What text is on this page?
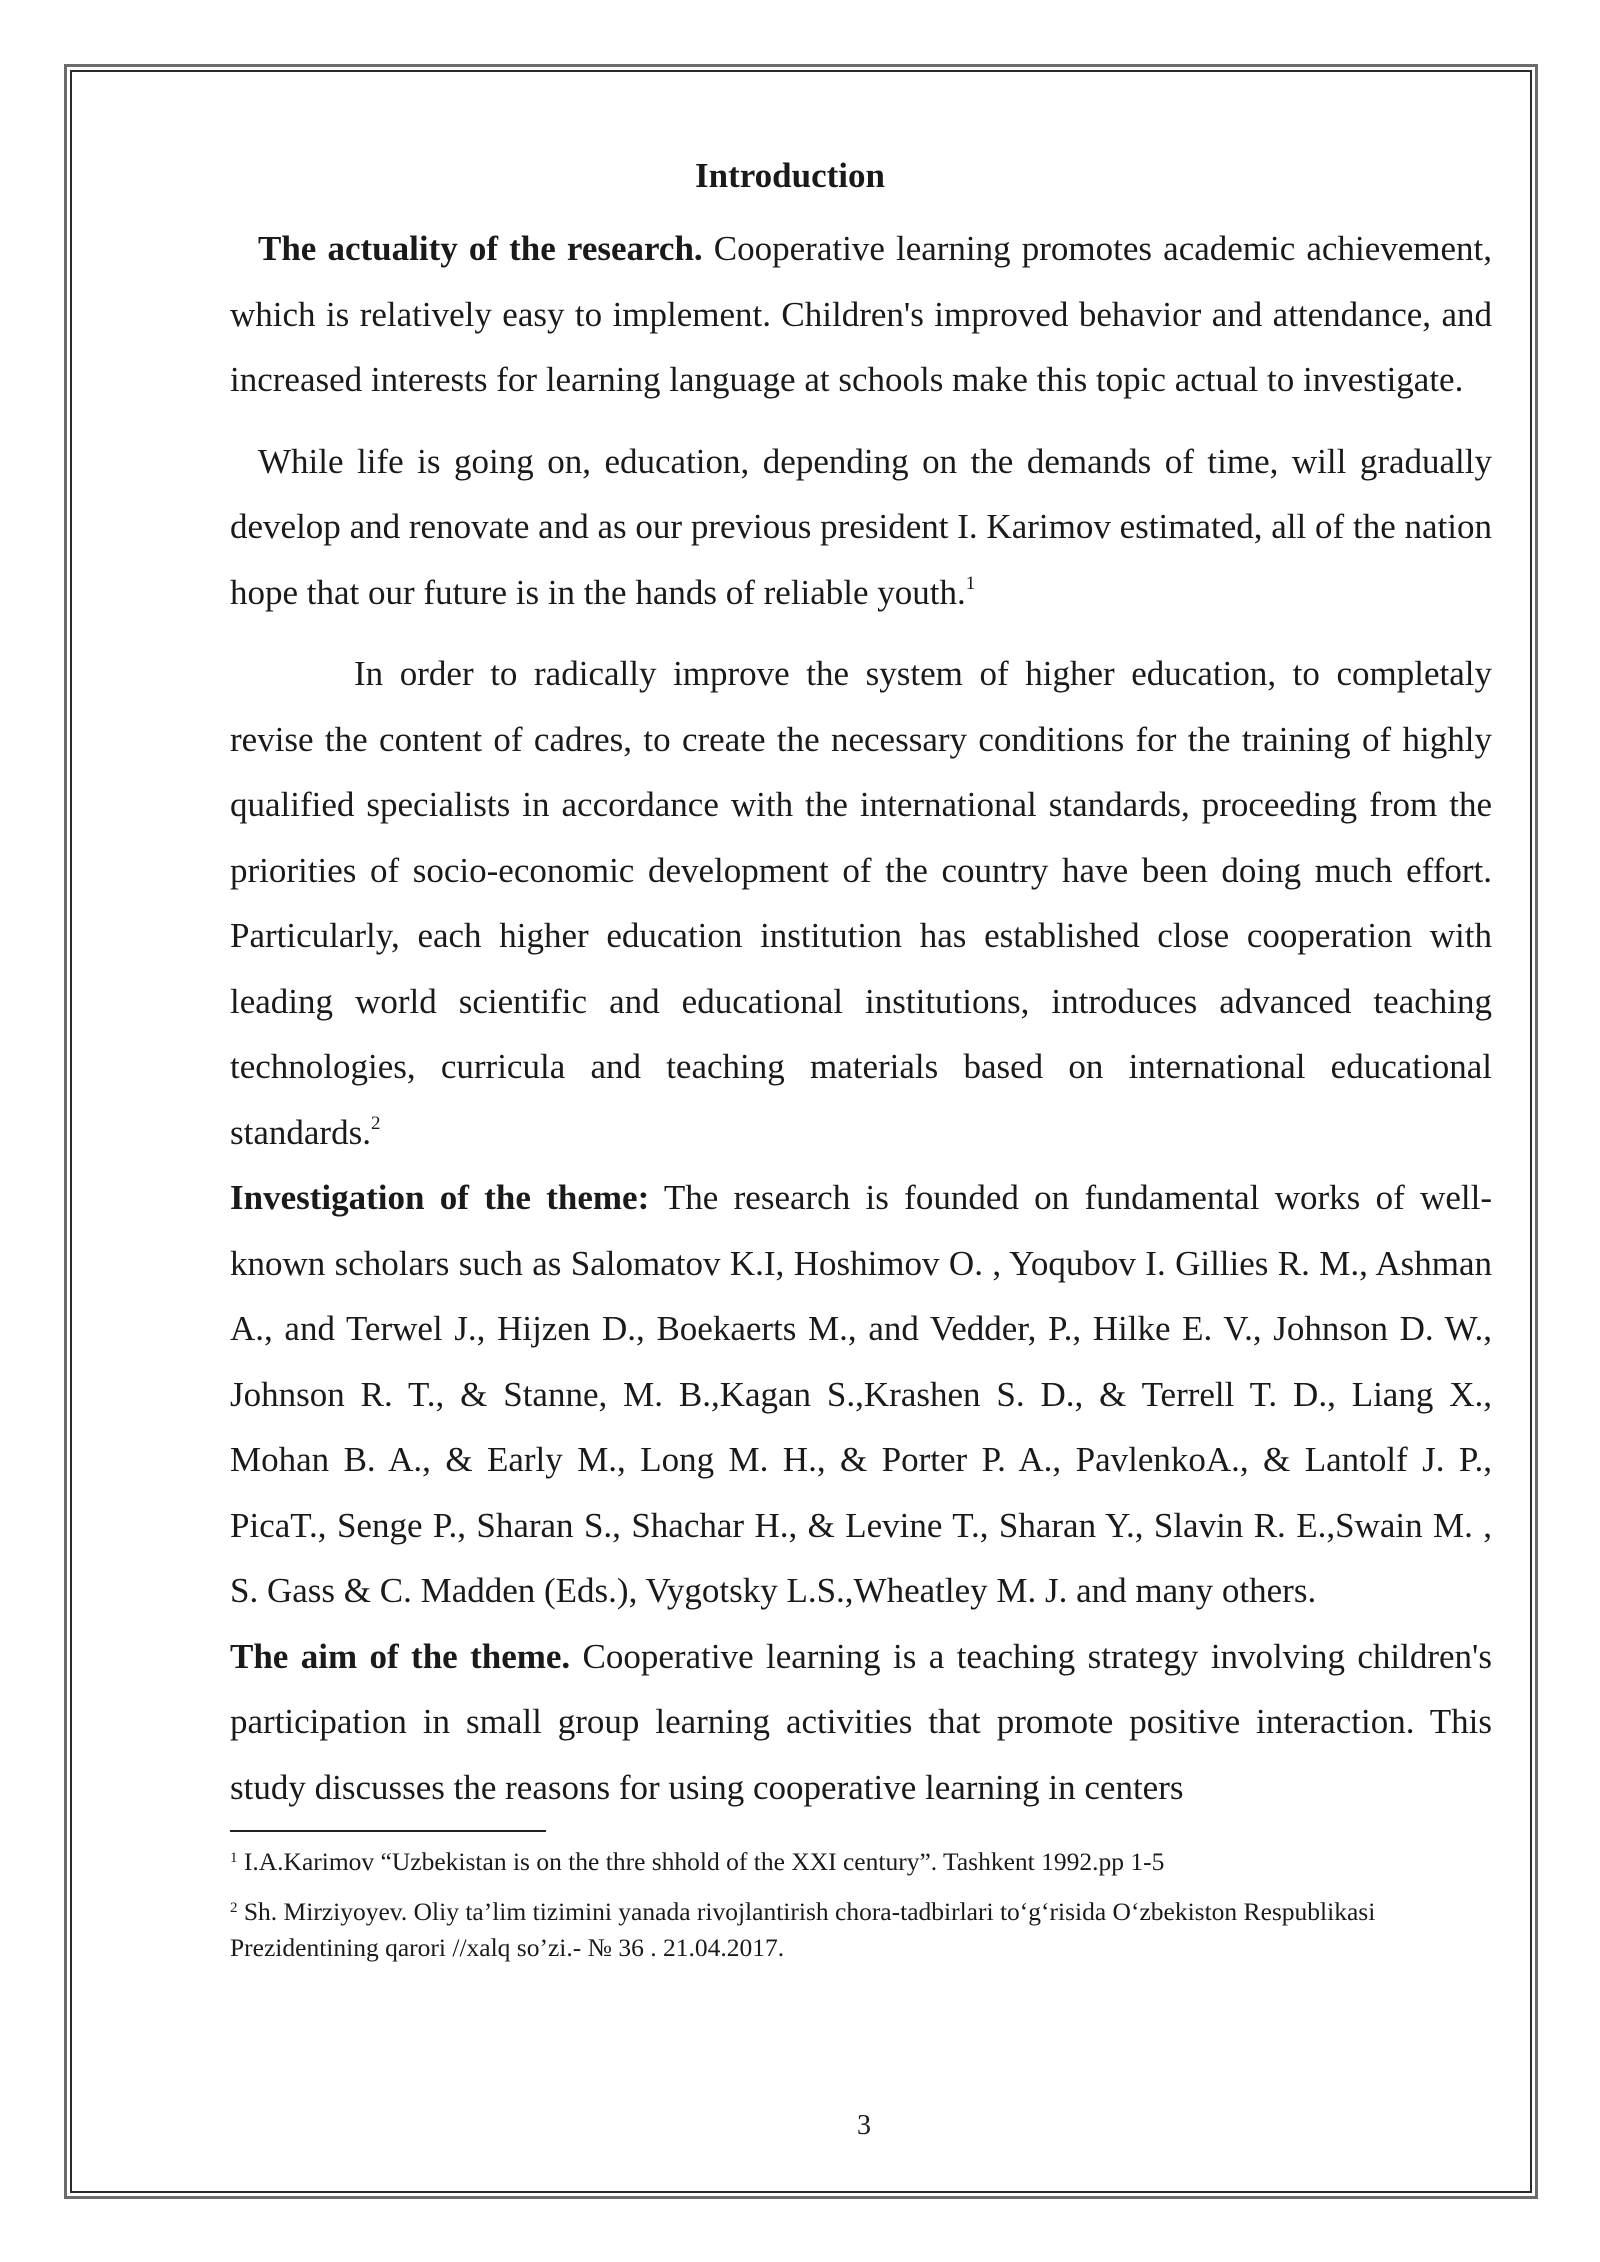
Introduction

The actuality of the research. Cooperative learning promotes academic achievement, which is relatively easy to implement. Children's improved behavior and attendance, and increased interests for learning language at schools make this topic actual to investigate.

While life is going on, education, depending on the demands of time, will gradually develop and renovate and as our previous president I. Karimov estimated, all of the nation hope that our future is in the hands of reliable youth.$^1$

In order to radically improve the system of higher education, to completaly revise the content of cadres, to create the necessary conditions for the training of highly qualified specialists in accordance with the international standards, proceeding from the priorities of socio-economic development of the country have been doing much effort. Particularly, each higher education institution has established close cooperation with leading world scientific and educational institutions, introduces advanced teaching technologies, curricula and teaching materials based on international educational standards.$^2$

Investigation of the theme: The research is founded on fundamental works of well-known scholars such as Salomatov K.I, Hoshimov O. , Yoqubov I. Gillies R. M., Ashman A., and Terwel J., Hijzen D., Boekaerts M., and Vedder, P., Hilke E. V., Johnson D. W., Johnson R. T., & Stanne, M. B.,Kagan S.,Krashen S. D., & Terrell T. D., Liang X., Mohan B. A., & Early M., Long M. H., & Porter P. A., PavlenkoA., & Lantolf J. P., PicaT., Senge P., Sharan S., Shachar H., & Levine T., Sharan Y., Slavin R. E.,Swain M. , S. Gass & C. Madden (Eds.), Vygotsky L.S.,Wheatley M. J. and many others.

The aim of the theme. Cooperative learning is a teaching strategy involving children's participation in small group learning activities that promote positive interaction. This study discusses the reasons for using cooperative learning in centers

$^1$ I.A.Karimov “Uzbekistan is on the thre shhold of the XXI century”. Tashkent 1992.pp 1-5

$^2$ Sh. Mirziyoyev. Oliy ta’lim tizimini yanada rivojlantirish chora-tadbirlari to‘g‘risida O‘zbekiston Respublikasi Prezidentining qarori //xalq so’zi.- № 36 . 21.04.2017.

3
